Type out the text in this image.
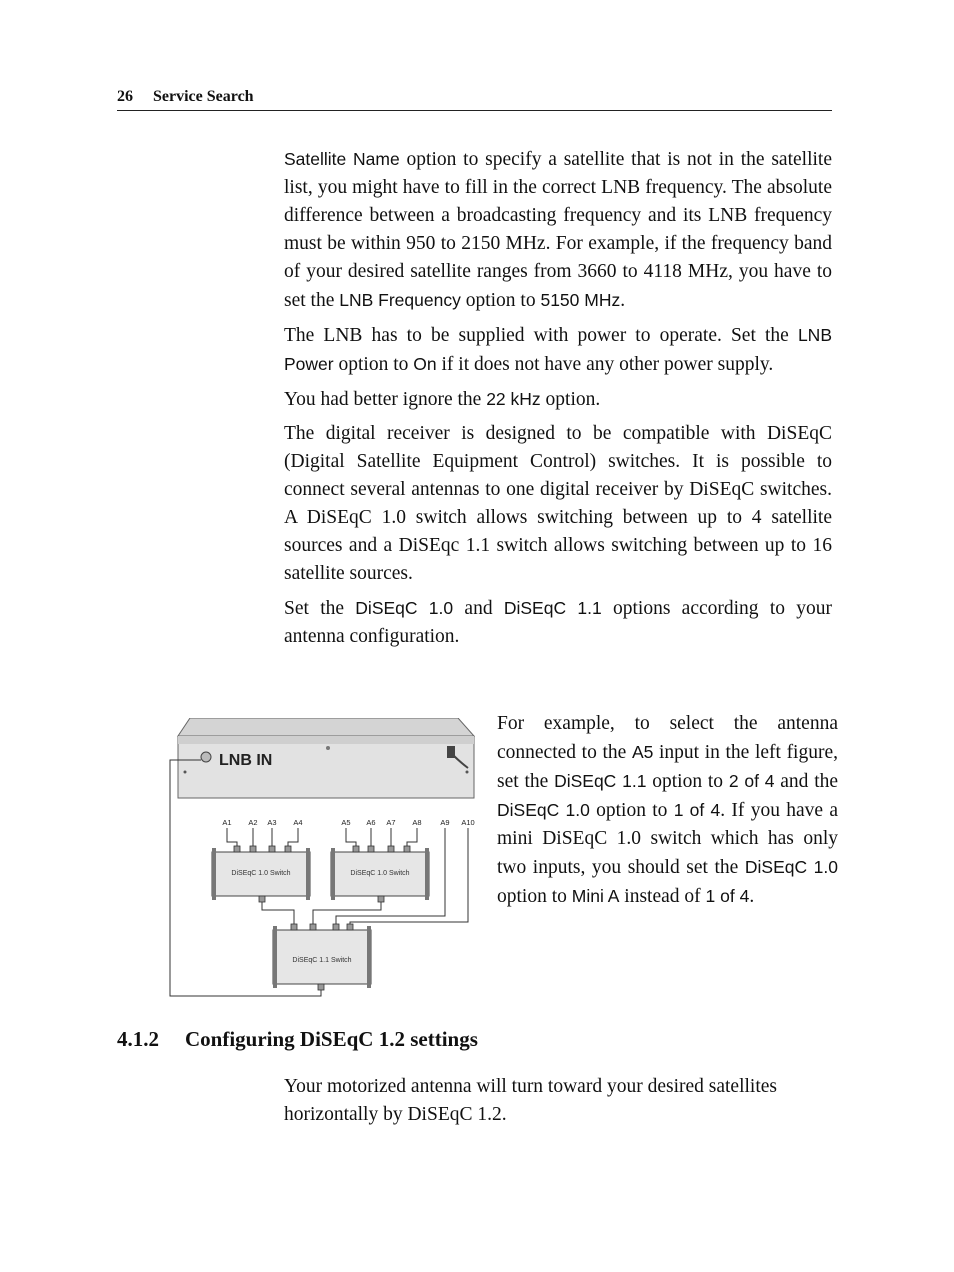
26 Service Search

Satellite Name option to specify a satellite that is not in the satellite list, you might have to fill in the correct LNB frequency. The absolute difference between a broadcasting frequency and its LNB frequency must be within 950 to 2150 MHz. For example, if the frequency band of your desired satellite ranges from 3660 to 4118 MHz, you have to set the LNB Frequency option to 5150 MHz.

The LNB has to be supplied with power to operate. Set the LNB Power option to On if it does not have any other power supply.

You had better ignore the 22 kHz option.

The digital receiver is designed to be compatible with DiSEqC (Digital Satellite Equipment Control) switches. It is possible to connect several antennas to one digital receiver by DiSEqC switches. A DiSEqC 1.0 switch allows switching between up to 4 satellite sources and a DiSEqc 1.1 switch allows switching between up to 16 satellite sources.

Set the DiSEqC 1.0 and DiSEqC 1.1 options according to your antenna configuration.

For example, to select the antenna connected to the A5 input in the left figure, set the DiSEqC 1.1 option to 2 of 4 and the DiSEqC 1.0 option to 1 of 4. If you have a mini DiSEqC 1.0 switch which has only two inputs, you should set the DiSEqC 1.0 option to Mini A instead of 1 of 4.

LNB IN
A1 A2 A3 A4	A5 A6 A7 A8	A9 A10
DiSEqC 1.0 Switch	DiSEqC 1.0 Switch
DiSEqC 1.1 Switch
4.1.2 Configuring DiSEqC 1.2 settings

Your motorized antenna will turn toward your desired satellites horizontally by DiSEqC 1.2.
